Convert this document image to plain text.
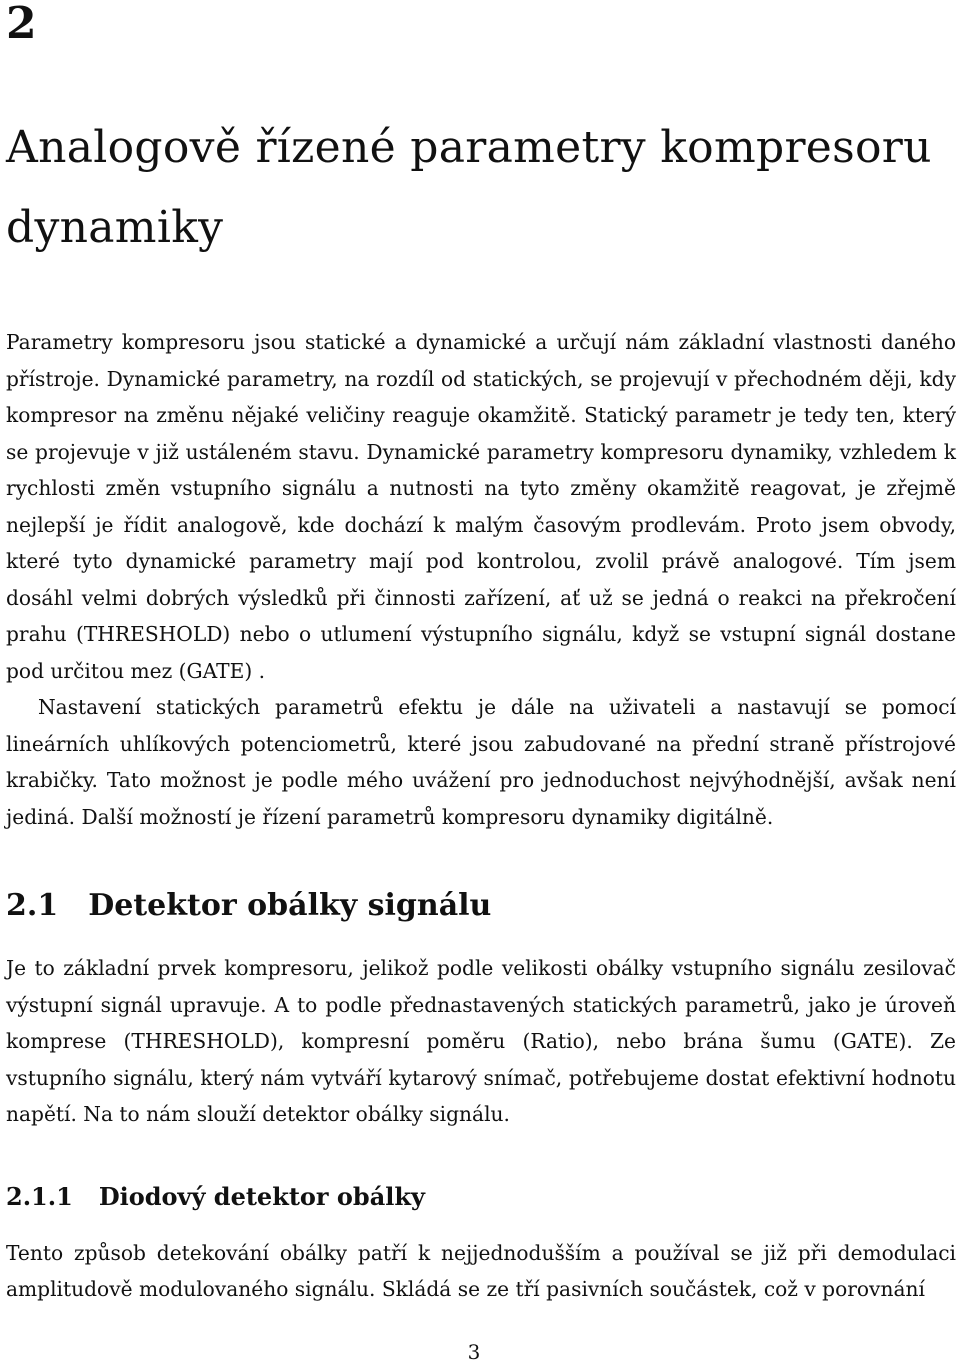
2
Analogově řízené parametry kompresoru dynamiky

Parametry kompresoru jsou statické a dynamické a určují nám základní vlastnosti daného přístroje. Dynamické parametry, na rozdíl od statických, se projevují v přechodném ději, kdy kompresor na změnu nějaké veličiny reaguje okamžitě. Statický parametr je tedy ten, který se projevuje v již ustáleném stavu. Dynamické parametry kompresoru dynamiky, vzhledem k rychlosti změn vstupního signálu a nutnosti na tyto změny okamžitě reagovat, je zřejmě nejlepší je řídit analogově, kde dochází k malým časovým prodlevám. Proto jsem obvody, které tyto dynamické parametry mají pod kontrolou, zvolil právě analogové. Tím jsem dosáhl velmi dobrých výsledků při činnosti zařízení, ať už se jedná o reakci na překročení prahu (THRESHOLD) nebo o utlumení výstupního signálu, když se vstupní signál dostane pod určitou mez (GATE) .

Nastavení statických parametrů efektu je dále na uživateli a nastavují se pomocí lineárních uhlíkových potenciometrů, které jsou zabudované na přední straně přístrojové krabičky. Tato možnost je podle mého uvážení pro jednoduchost nejvýhodnější, avšak není jediná. Další možností je řízení parametrů kompresoru dynamiky digitálně.

2.1 Detektor obálky signálu

Je to základní prvek kompresoru, jelikož podle velikosti obálky vstupního signálu zesilovač výstupní signál upravuje. A to podle přednastavených statických parametrů, jako je úroveň komprese (THRESHOLD), kompresní poměru (Ratio), nebo brána šumu (GATE). Ze vstupního signálu, který nám vytváří kytarový snímač, potřebujeme dostat efektivní hodnotu napětí. Na to nám slouží detektor obálky signálu.

2.1.1 Diodový detektor obálky

Tento způsob detekování obálky patří k nejjednodušším a používal se již při demodulaci amplitudově modulovaného signálu. Skládá se ze tří pasivních součástek, což v porovnání

3
